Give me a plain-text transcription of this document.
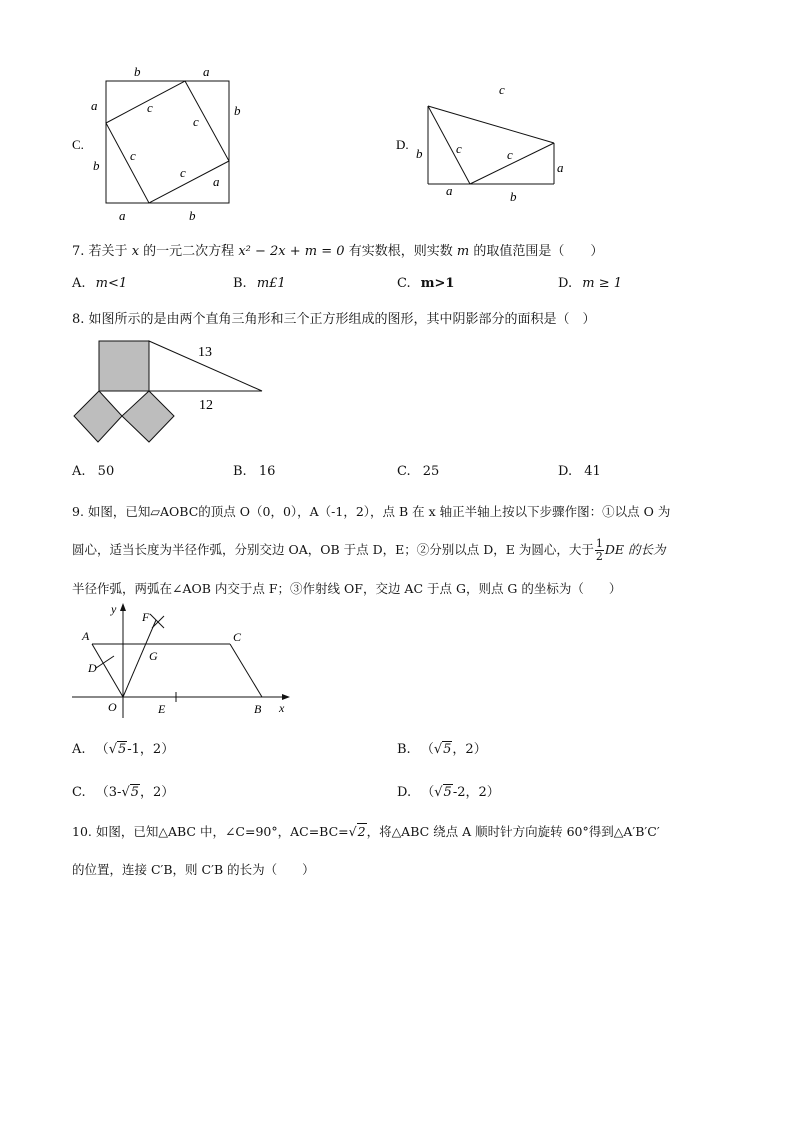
C.
b	a
a
b
b
a
a	b
c
c
c
c
D.
c
b	c	c
a
a	b
7. 若关于 x 的一元二次方程 x² − 2x + m = 0 有实数根，则实数 m 的取值范围是（　　）
A. m<1	B. m£1	C. m>1	D. m ≥ 1
8. 如图所示的是由两个直角三角形和三个正方形组成的图形，其中阴影部分的面积是（　）
13
12
A. 50	B. 16	C. 25	D. 41
9. 如图，已知▱AOBC的顶点 O（0，0），A（-1，2），点 B 在 x 轴正半轴上按以下步骤作图：①以点 O 为
圆心，适当长度为半径作弧，分别交边 OA，OB 于点 D，E；②分别以点 D，E 为圆心，大于 $\frac{1}{2}$ DE 的长为
半径作弧，两弧在∠AOB 内交于点 F；③作射线 OF，交边 AC 于点 G，则点 G 的坐标为（　　）
y
F
A	C
G
D
O	E	B x
A. （√5-1，2）	B. （√5，2）
C. （3-√5，2）	D. （√5-2，2）
10. 如图，已知△ABC 中，∠C=90°，AC=BC=√2，将△ABC 绕点 A 顺时针方向旋转 60°得到△A′B′C′
的位置，连接 C′B，则 C′B 的长为（　　）
